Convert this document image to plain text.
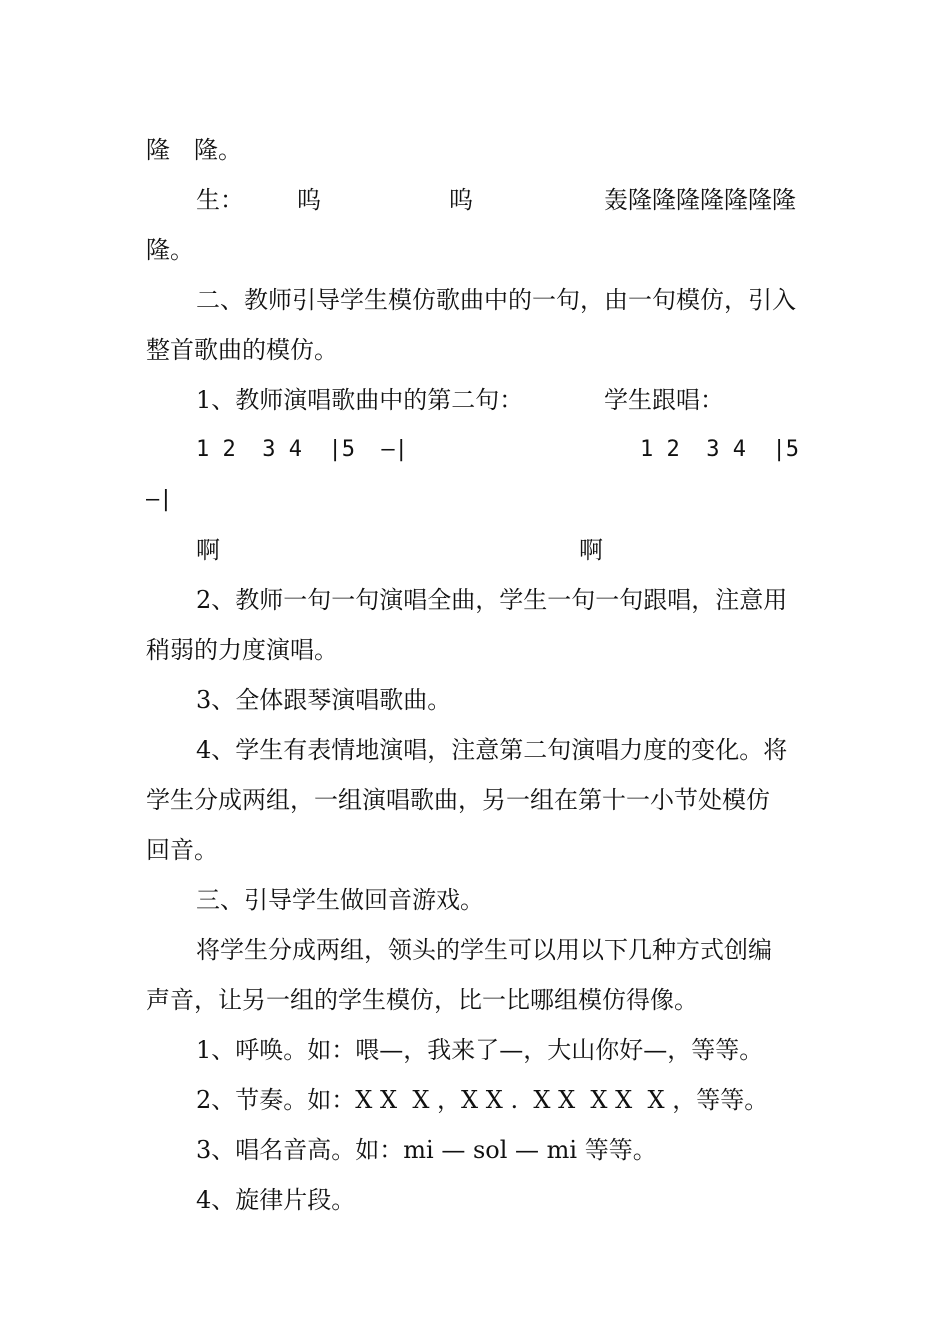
隆　隆。

生：

呜

	呜

	轰隆隆隆隆隆隆隆

隆。
二、教师引导学生模仿歌曲中的一句，由一句模仿，引入
整首歌曲的模仿。

1、教师演唱歌曲中的第二句：

	学生跟唱：

1 2  3 4  |5  —|

	1 2  3 4  |5

—|

啊

	啊

2、教师一句一句演唱全曲，学生一句一句跟唱，注意用
稍弱的力度演唱。
3、全体跟琴演唱歌曲。
4、学生有表情地演唱，注意第二句演唱力度的变化。将
学生分成两组，一组演唱歌曲，另一组在第十一小节处模仿
回音。
三、引导学生做回音游戏。
将学生分成两组，领头的学生可以用以下几种方式创编
声音，让另一组的学生模仿，比一比哪组模仿得像。
1、呼唤。如：喂—，我来了—，大山你好—，等等。
2、节奏。如：X X  X ，X X .  X X  X X  X ，等等。
3、唱名音高。如：mi — sol — mi 等等。
4、旋律片段。
